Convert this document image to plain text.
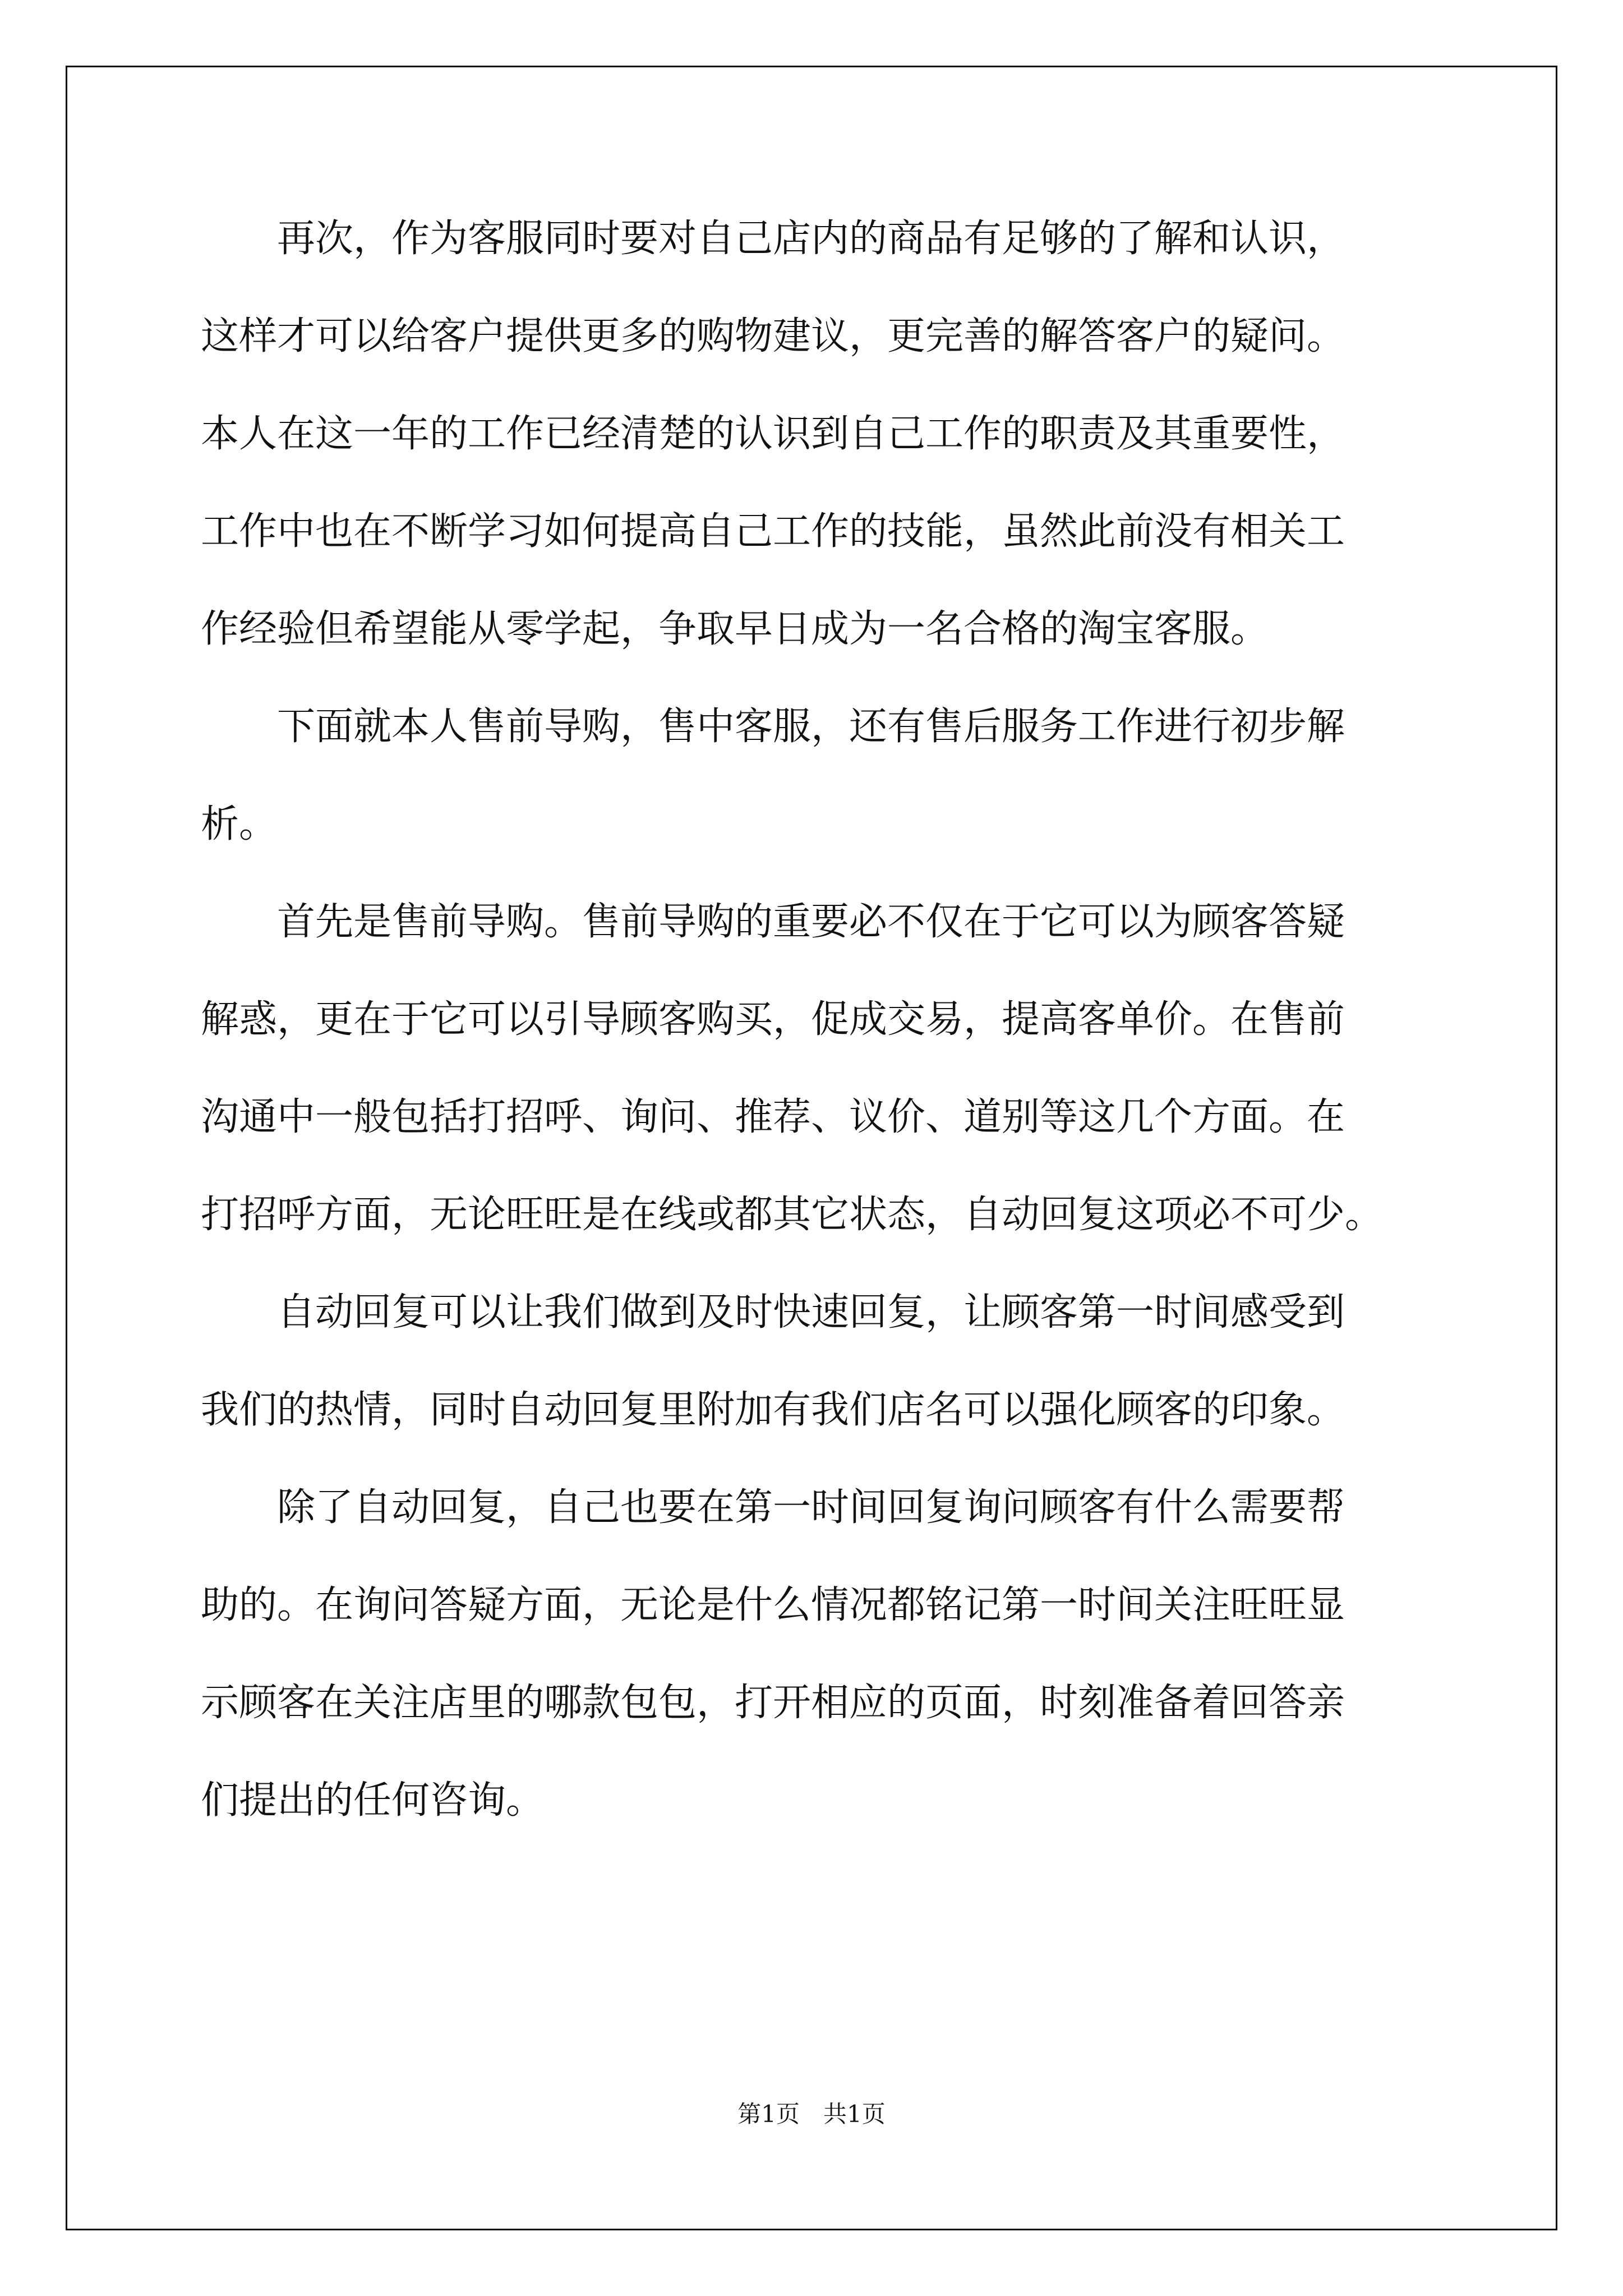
　　再次，作为客服同时要对自己店内的商品有足够的了解和认识，
这样才可以给客户提供更多的购物建议，更完善的解答客户的疑问。
本人在这一年的工作已经清楚的认识到自己工作的职责及其重要性，
工作中也在不断学习如何提高自己工作的技能，虽然此前没有相关工
作经验但希望能从零学起，争取早日成为一名合格的淘宝客服。
　　下面就本人售前导购，售中客服，还有售后服务工作进行初步解
析。
　　首先是售前导购。售前导购的重要必不仅在于它可以为顾客答疑
解惑，更在于它可以引导顾客购买，促成交易，提高客单价。在售前
沟通中一般包括打招呼、询问、推荐、议价、道别等这几个方面。在
打招呼方面，无论旺旺是在线或都其它状态，自动回复这项必不可少。
　　自动回复可以让我们做到及时快速回复，让顾客第一时间感受到
我们的热情，同时自动回复里附加有我们店名可以强化顾客的印象。
　　除了自动回复，自己也要在第一时间回复询问顾客有什么需要帮
助的。在询问答疑方面，无论是什么情况都铭记第一时间关注旺旺显
示顾客在关注店里的哪款包包，打开相应的页面，时刻准备着回答亲
们提出的任何咨询。
第1页　共1页
